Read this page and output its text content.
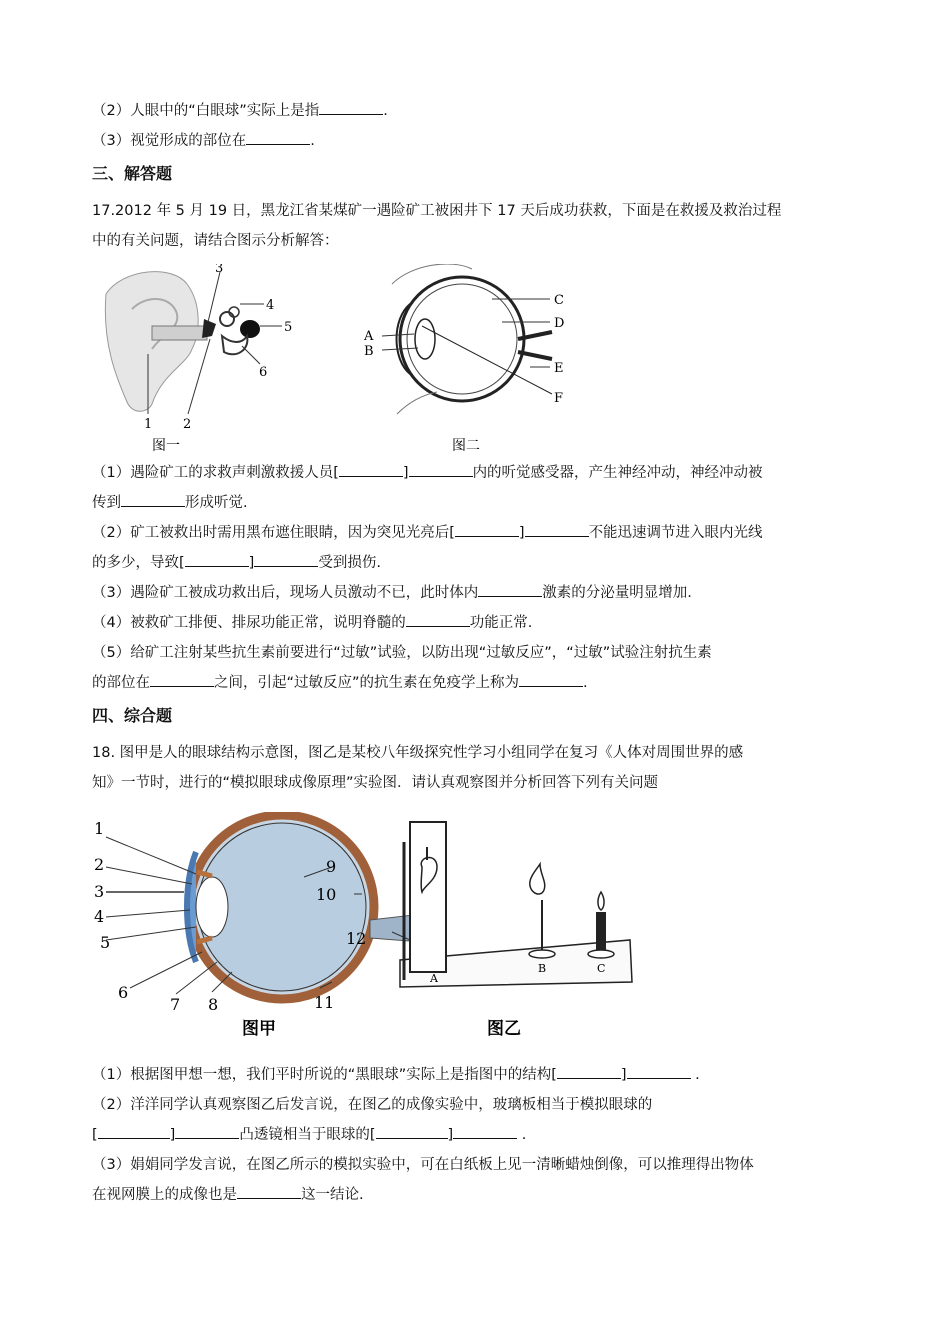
（2）人眼中的“白眼球”实际上是指	.
（3）视觉形成的部位在	.
三、解答题
17.2012 年 5 月 19 日，黑龙江省某煤矿一遇险矿工被困井下 17 天后成功获救，下面是在救援及救治过程
中的有关问题，请结合图示分析解答：
1 2
3
4
5
6
图一
A
B
C
D
E
F
图二
（1）遇险矿工的求救声刺激救援人员[	]	内的听觉感受器，产生神经冲动，神经冲动被
传到	形成听觉.
（2）矿工被救出时需用黑布遮住眼睛，因为突见光亮后[	]	不能迅速调节进入眼内光线
的多少，导致[	]	受到损伤.
（3）遇险矿工被成功救出后，现场人员激动不已，此时体内	激素的分泌量明显增加.
（4）被救矿工排便、排尿功能正常，说明脊髓的	功能正常.
（5）给矿工注射某些抗生素前要进行“过敏”试验，以防出现“过敏反应”，“过敏”试验注射抗生素
的部位在	之间，引起“过敏反应”的抗生素在免疫学上称为	.
四、综合题
18. 图甲是人的眼球结构示意图，图乙是某校八年级探究性学习小组同学在复习《人体对周围世界的感
知》一节时，进行的“模拟眼球成像原理”实验图．请认真观察图并分析回答下列有关问题
1
2
3
4
5
6
7 8
9
10
11
12
图甲
A
B	C
图乙
（1）根据图甲想一想，我们平时所说的“黑眼球”实际上是指图中的结构[	]	.
（2）洋洋同学认真观察图乙后发言说，在图乙的成像实验中，玻璃板相当于模拟眼球的
[	]	凸透镜相当于眼球的[	]	.
（3）娟娟同学发言说，在图乙所示的模拟实验中，可在白纸板上见一清晰蜡烛倒像，可以推理得出物体
在视网膜上的成像也是	这一结论.
